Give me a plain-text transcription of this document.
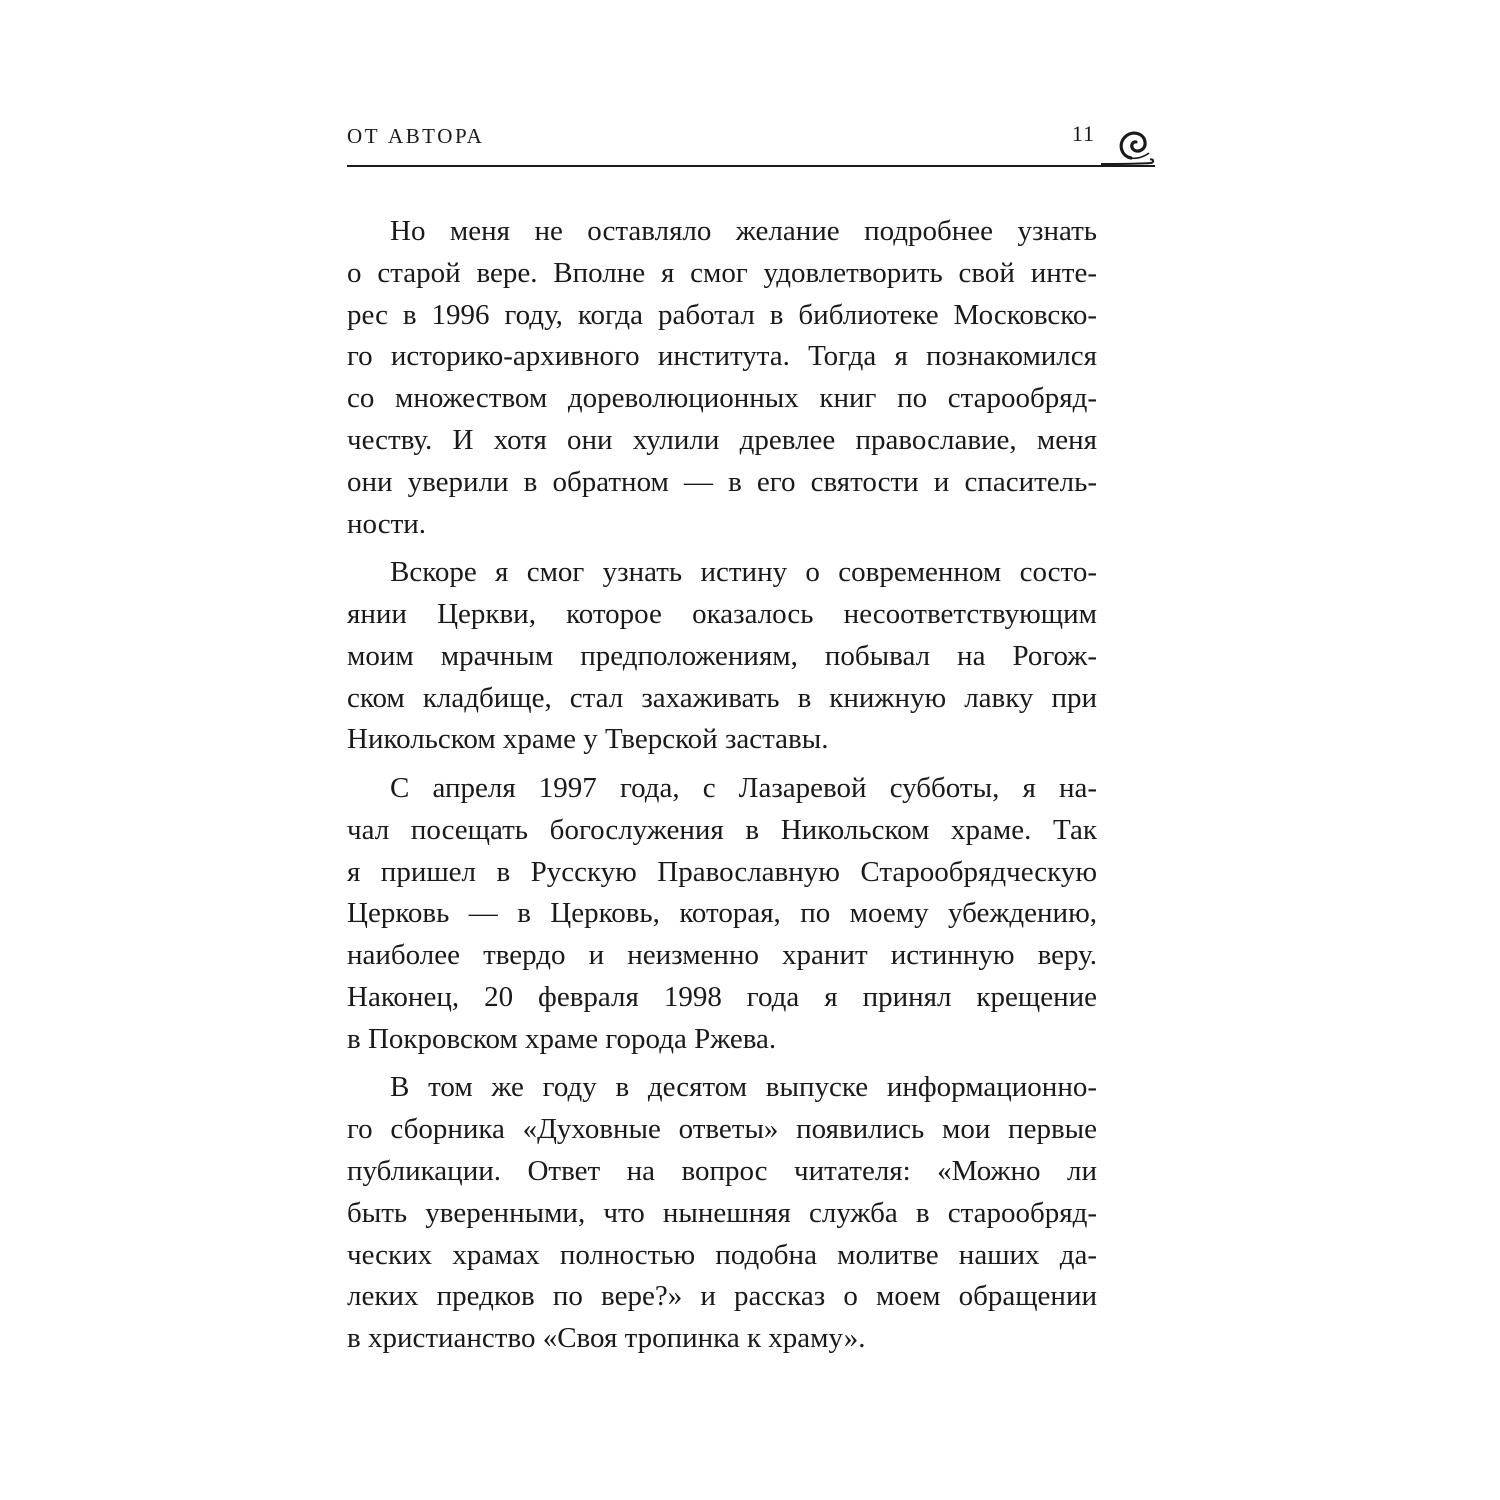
ОТ АВТОРА	11
Но меня не оставляло желание подробнее узнать
о старой вере. Вполне я смог удовлетворить свой инте-
рес в 1996 году, когда работал в библиотеке Московско-
го историко-архивного института. Тогда я познакомился
со множеством дореволюционных книг по старообряд-
честву. И хотя они хулили древлее православие, меня
они уверили в обратном — в его святости и спаситель-
ности.
Вскоре я смог узнать истину о современном состо-
янии Церкви, которое оказалось несоответствующим
моим мрачным предположениям, побывал на Рогож-
ском кладбище, стал захаживать в книжную лавку при
Никольском храме у Тверской заставы.
С апреля 1997 года, с Лазаревой субботы, я на-
чал посещать богослужения в Никольском храме. Так
я пришел в Русскую Православную Старообрядческую
Церковь — в Церковь, которая, по моему убеждению,
наиболее твердо и неизменно хранит истинную веру.
Наконец, 20 февраля 1998 года я принял крещение
в Покровском храме города Ржева.
В том же году в десятом выпуске информационно-
го сборника «Духовные ответы» появились мои первые
публикации. Ответ на вопрос читателя: «Можно ли
быть уверенными, что нынешняя служба в старообряд-
ческих храмах полностью подобна молитве наших да-
леких предков по вере?» и рассказ о моем обращении
в христианство «Своя тропинка к храму».
